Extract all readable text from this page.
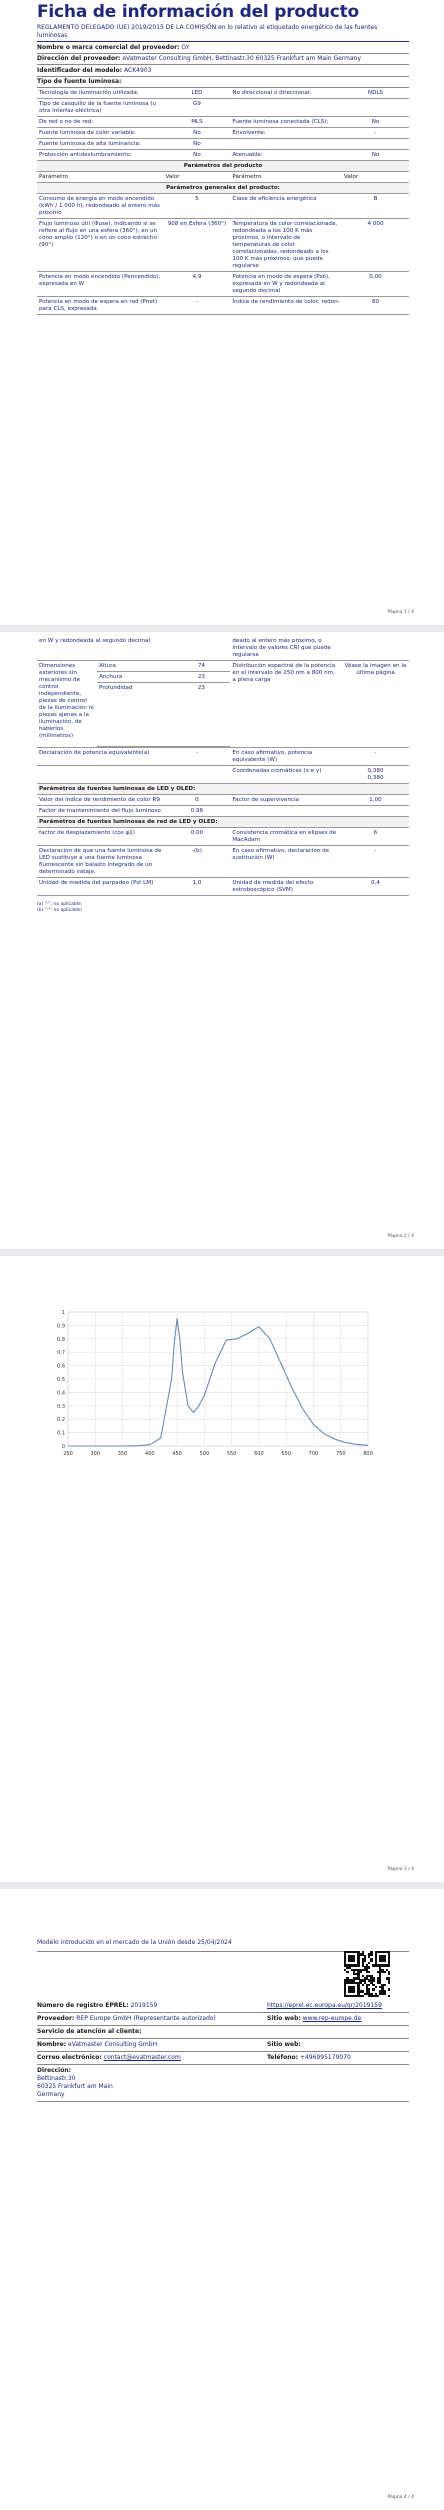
Ficha de información del producto
REGLAMENTO DELEGADO (UE) 2019/2015 DE LA COMISIÓN en lo relativo al etiquetado energético de las fuentes luminosas
Nombre o marca comercial del proveedor: GY
Dirección del proveedor: eVatmaster Consulting GmbH, Bettinastr.30 60325 Frankfurt am Main Germany
Identificador del modelo: ACK4903
Tipo de fuente luminosa:
Tecnología de iluminación utilizada:	LED	No direccional o direccional:	NDLS
Tipo de casquillo de la fuente luminosa (u otra interfaz eléctrica)	G9		
De red o no de red:	MLS	Fuente luminosa conectada (CLS):	No
Fuente luminosa de color variable:	No	Envolvente:	-
Fuente luminosa de alta luminancia:	No		
Protección antideslumbramiento:	No	Atenuable:	No
Parámetros del producto			
Parámetro	Valor	Parámetro	Valor
Parámetros generales del producto:			
Consumo de energía en modo encendido (kWh / 1 000 h), redondeado al entero más próximo	5	Clase de eficiencia energética	B
Flujo luminoso útil (Φuse), indicando si se refiere al flujo en una esfera (360°), en un cono amplio (120°) o en un cono estrecho (90°)	908 en Esfera (360°)	Temperatura de color correlacionada, redondeada a los 100 K más próximos, o intervalo de temperaturas de color correlacionadas, redondeado a los 100 K más próximos, que puede regularse	4 000
Potencia en modo encendido (Pencendido), expresada en W	4,9	Potencia en modo de espera (Psb), expresada en W y redondeada al segundo decimal	0,00
Potencia en modo de espera en red (Pnet) para CLS, expresada	-	Índice de rendimiento de color, redon-	80
Página 1 / 4
en W y redondeada al segundo decimal		deado al entero más próximo, o intervalo de valores CRI que puede regularse	

Dimensiones exteriores sin mecanismo de control independiente, piezas de control de la iluminación ni piezas ajenas a la iluminación, de haberlos (milímetros)	Altura	74
Anchura	23
Profundidad	23
	Distribución espectral de la potencia en el intervalo de 250 nm a 800 nm, a plena carga	Véase la imagen en la última página
Declaración de potencia equivalente(a)	-	En caso afirmativo, potencia equivalente (W)	-
		Coordenadas cromáticas (x e y)	0,380
0,380
Parámetros de fuentes luminosas de LED y OLED:
Valor del índice de rendimiento de color R9	0	Factor de supervivencia	1,00
Factor de mantenimiento del flujo luminoso	0,96		
Parámetros de fuentes luminosas de red de LED y OLED:
factor de desplazamiento (cos φ1)	0,00	Consistencia cromática en elipses de MacAdam	6
Declaración de que una fuente luminosa de LED sustituye a una fuente luminosa fluorescente sin balasto integrado de un determinado vataje.	-(b)	En caso afirmativo, declaración de sustitución (W)	-
Unidad de medida del parpadeo (Pst LM)	1,0	Unidad de medida del efecto estroboscópico (SVM)	0,4
(a) "-": no aplicable;
(b) "-": no aplicable;
Página 2 / 4
0
0.1
0.2
0.3
0.4
0.5
0.6
0.7
0.8
0.9
1
250	300	350	400	450	500	550	600	650	700	750	800
Página 3 / 4
Modelo introducido en el mercado de la Unión desde 25/04/2024
Número de registro EPREL: 2019159	https://eprel.ec.europa.eu/qr/2019159
Proveedor: REP Europe GmbH (Representante autorizado)	Sitio web: www.rep-europe.de
Servicio de atención al cliente:
Nombre: eVatmaster Consulting GmbH	Sitio web:
Correo electrónico: contact@evatmaster.com	Teléfono: +496995179070
Dirección:
Bettinastr.30
60325 Frankfurt am Main
Germany
Página 4 / 4
